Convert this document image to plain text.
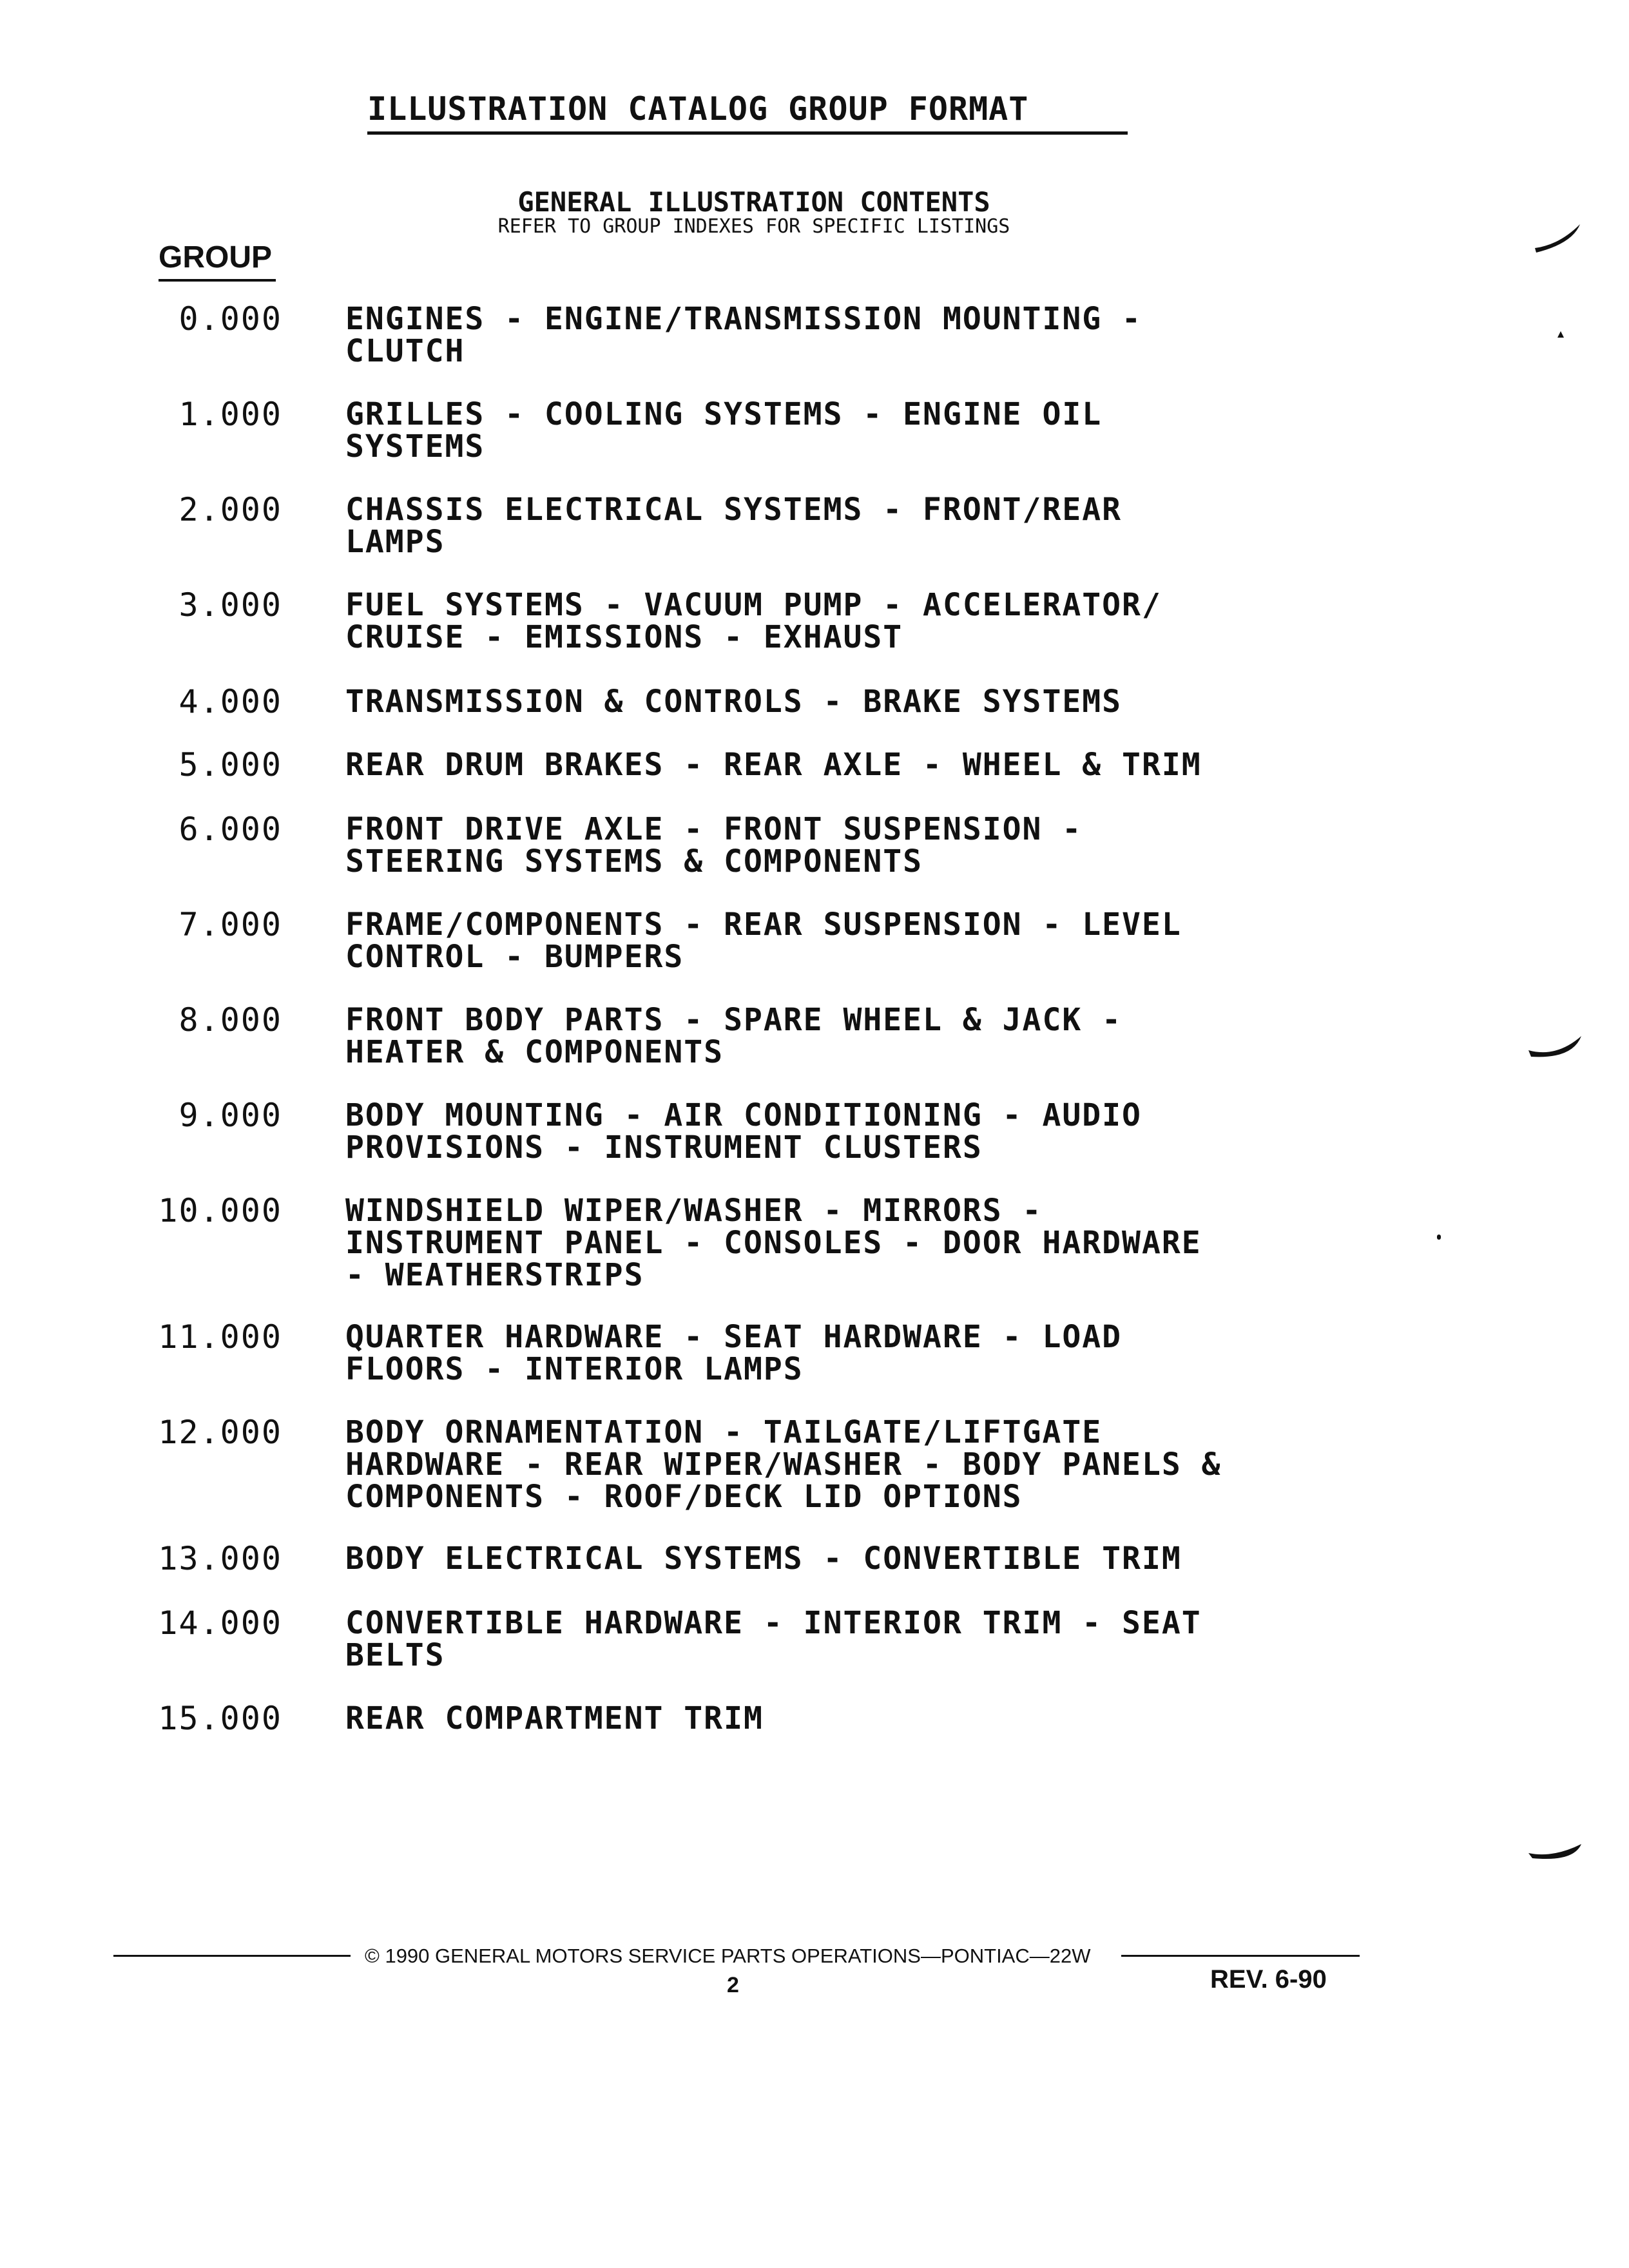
ILLUSTRATION CATALOG GROUP FORMAT
GENERAL ILLUSTRATION CONTENTS
REFER TO GROUP INDEXES FOR SPECIFIC LISTINGS
GROUP
0.000 ENGINES - ENGINE/TRANSMISSION MOUNTING -
CLUTCH
1.000 GRILLES - COOLING SYSTEMS - ENGINE OIL
SYSTEMS
2.000 CHASSIS ELECTRICAL SYSTEMS - FRONT/REAR
LAMPS
3.000 FUEL SYSTEMS - VACUUM PUMP - ACCELERATOR/
CRUISE - EMISSIONS - EXHAUST
4.000 TRANSMISSION & CONTROLS - BRAKE SYSTEMS
5.000 REAR DRUM BRAKES - REAR AXLE - WHEEL & TRIM
6.000 FRONT DRIVE AXLE - FRONT SUSPENSION -
STEERING SYSTEMS & COMPONENTS
7.000 FRAME/COMPONENTS - REAR SUSPENSION - LEVEL
CONTROL - BUMPERS
8.000 FRONT BODY PARTS - SPARE WHEEL & JACK -
HEATER & COMPONENTS
9.000 BODY MOUNTING - AIR CONDITIONING - AUDIO
PROVISIONS - INSTRUMENT CLUSTERS
10.000 WINDSHIELD WIPER/WASHER - MIRRORS -
INSTRUMENT PANEL - CONSOLES - DOOR HARDWARE
- WEATHERSTRIPS
11.000 QUARTER HARDWARE - SEAT HARDWARE - LOAD
FLOORS - INTERIOR LAMPS
12.000 BODY ORNAMENTATION - TAILGATE/LIFTGATE
HARDWARE - REAR WIPER/WASHER - BODY PANELS &
COMPONENTS - ROOF/DECK LID OPTIONS
13.000 BODY ELECTRICAL SYSTEMS - CONVERTIBLE TRIM
14.000 CONVERTIBLE HARDWARE - INTERIOR TRIM - SEAT
BELTS
15.000 REAR COMPARTMENT TRIM
© 1990 GENERAL MOTORS SERVICE PARTS OPERATIONS—PONTIAC—22W
2	REV. 6-90
